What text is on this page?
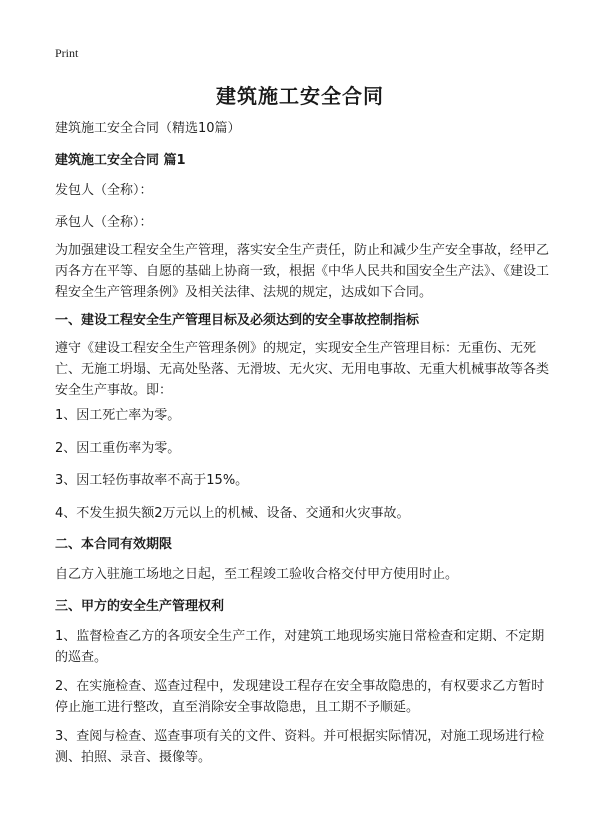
Print
建筑施工安全合同

建筑施工安全合同（精选10篇）

建筑施工安全合同 篇1

发包人（全称）：

承包人（全称）：

为加强建设工程安全生产管理，落实安全生产责任，防止和减少生产安全事故，经甲乙丙各方在平等、自愿的基础上协商一致，根据《中华人民共和国安全生产法》、《建设工程安全生产管理条例》及相关法律、法规的规定，达成如下合同。

一、建设工程安全生产管理目标及必须达到的安全事故控制指标

遵守《建设工程安全生产管理条例》的规定，实现安全生产管理目标：无重伤、无死亡、无施工坍塌、无高处坠落、无滑坡、无火灾、无用电事故、无重大机械事故等各类安全生产事故。即：

1、因工死亡率为零。

2、因工重伤率为零。

3、因工轻伤事故率不高于15%。

4、不发生损失额2万元以上的机械、设备、交通和火灾事故。

二、本合同有效期限

自乙方入驻施工场地之日起，至工程竣工验收合格交付甲方使用时止。

三、甲方的安全生产管理权利

1、监督检查乙方的各项安全生产工作，对建筑工地现场实施日常检查和定期、不定期的巡查。

2、在实施检查、巡查过程中，发现建设工程存在安全事故隐患的，有权要求乙方暂时停止施工进行整改，直至消除安全事故隐患，且工期不予顺延。

3、查阅与检查、巡查事项有关的文件、资料。并可根据实际情况，对施工现场进行检测、拍照、录音、摄像等。
